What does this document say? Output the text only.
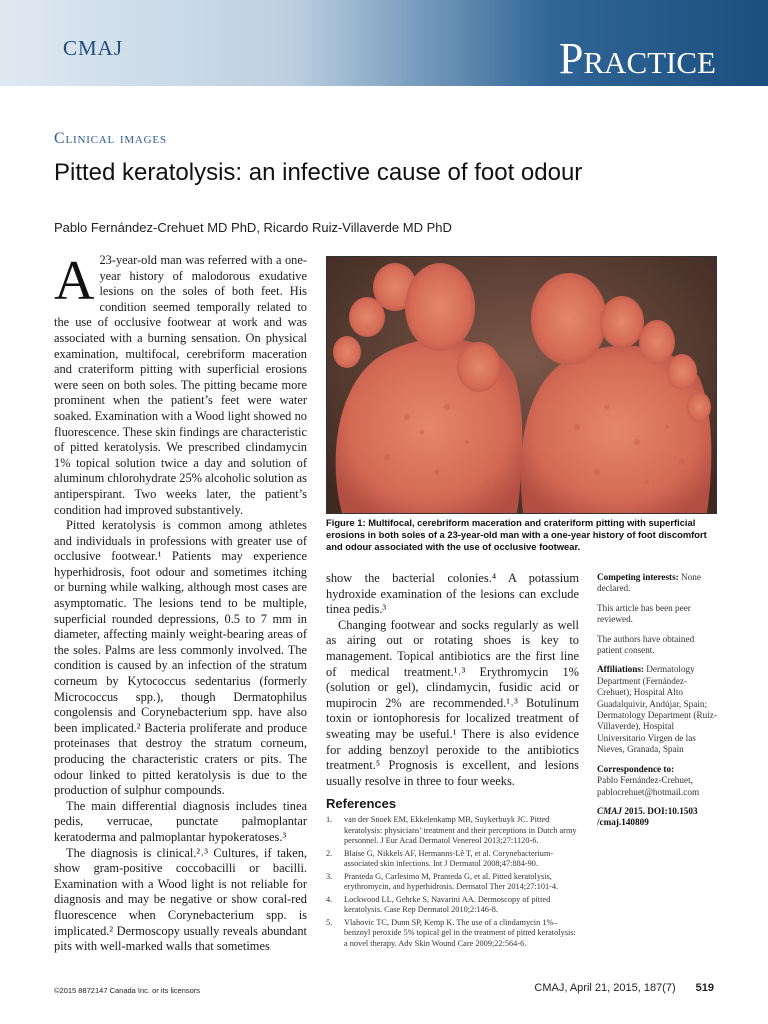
CMAJ	Practice
Clinical images
Pitted keratolysis: an infective cause of foot odour
Pablo Fernández-Crehuet MD PhD, Ricardo Ruiz-Villaverde MD PhD

A 23-year-old man was referred with a one-year history of malodorous exudative lesions on the soles of both feet. His condition seemed temporally related to the use of occlusive footwear at work and was associated with a burning sensation. On physical examination, multifocal, cerebriform maceration and crateriform pitting with superficial erosions were seen on both soles. The pitting became more prominent when the patient’s feet were water soaked. Examination with a Wood light showed no fluorescence. These skin findings are characteristic of pitted keratolysis. We prescribed clindamycin 1% topical solution twice a day and solution of aluminum chlorohydrate 25% alcoholic solution as antiperspirant. Two weeks later, the patient’s condition had improved substantively.

Pitted keratolysis is common among athletes and individuals in professions with greater use of occlusive footwear.¹ Patients may experience hyperhidrosis, foot odour and sometimes itching or burning while walking, although most cases are asymptomatic. The lesions tend to be multiple, superficial rounded depressions, 0.5 to 7 mm in diameter, affecting mainly weight-bearing areas of the soles. Palms are less commonly involved. The condition is caused by an infection of the stratum corneum by Kytococcus sedentarius (formerly Micrococcus spp.), though Dermatophilus congolensis and Corynebacterium spp. have also been implicated.² Bacteria proliferate and produce proteinases that destroy the stratum corneum, producing the characteristic craters or pits. The odour linked to pitted keratolysis is due to the production of sulphur compounds.

The main differential diagnosis includes tinea pedis, verrucae, punctate palmoplantar keratoderma and palmoplantar hypokeratoses.³

The diagnosis is clinical.²˒³ Cultures, if taken, show gram-positive coccobacilli or bacilli. Examination with a Wood light is not reliable for diagnosis and may be negative or show coral-red fluorescence when Corynebacterium spp. is implicated.² Dermoscopy usually reveals abundant pits with well-marked walls that sometimes

Figure 1: Multifocal, cerebriform maceration and crateriform pitting with superficial erosions in both soles of a 23-year-old man with a one-year history of foot discomfort and odour associated with the use of occlusive footwear.

show the bacterial colonies.⁴ A potassium hydroxide examination of the lesions can exclude tinea pedis.³

Changing footwear and socks regularly as well as airing out or rotating shoes is key to management. Topical antibiotics are the first line of medical treatment.¹˒³ Erythromycin 1% (solution or gel), clindamycin, fusidic acid or mupirocin 2% are recommended.¹˒³ Botulinum toxin or iontophoresis for localized treatment of sweating may be useful.¹ There is also evidence for adding benzoyl peroxide to the antibiotics treatment.⁵ Prognosis is excellent, and lesions usually resolve in three to four weeks.

References
1. van der Snoek EM, Ekkelenkamp MB, Suykerbuyk JC. Pitted keratolysis: physicians’ treatment and their perceptions in Dutch army personnel. J Eur Acad Dermatol Venereol 2013;27:1120-6.
2. Blaise G, Nikkels AF, Hermanns-Lê T, et al. Corynebacterium-associated skin infections. Int J Dermatol 2008;47:884-90.
3. Pranteda G, Carlesimo M, Pranteda G, et al. Pitted keratolysis, erythromycin, and hyperhidrosis. Dermatol Ther 2014;27:101-4.
4. Lockwood LL, Gehrke S, Navarini AA. Dermoscopy of pitted keratolysis. Case Rep Dermatol 2010;2:146-8.
5. Vlahovic TC, Dunn SP, Kemp K. The use of a clindamycin 1%–benzoyl peroxide 5% topical gel in the treatment of pitted keratolysis: a novel therapy. Adv Skin Wound Care 2009;22:564-6.

Competing interests: None declared.

This article has been peer reviewed.

The authors have obtained patient consent.

Affiliations: Dermatology Department (Fernández-Crehuet), Hospital Alto Guadalquivir, Andújar, Spain; Dermatology Department (Ruiz-Villaverde), Hospital Universitario Virgen de las Nieves, Granada, Spain

Correspondence to:
Pablo Fernández-Crehuet, pablocrehuet@hotmail.com

CMAJ 2015. DOI:10.1503 /cmaj.140809

©2015 8872147 Canada Inc. or its licensors	CMAJ, April 21, 2015, 187(7) 519
